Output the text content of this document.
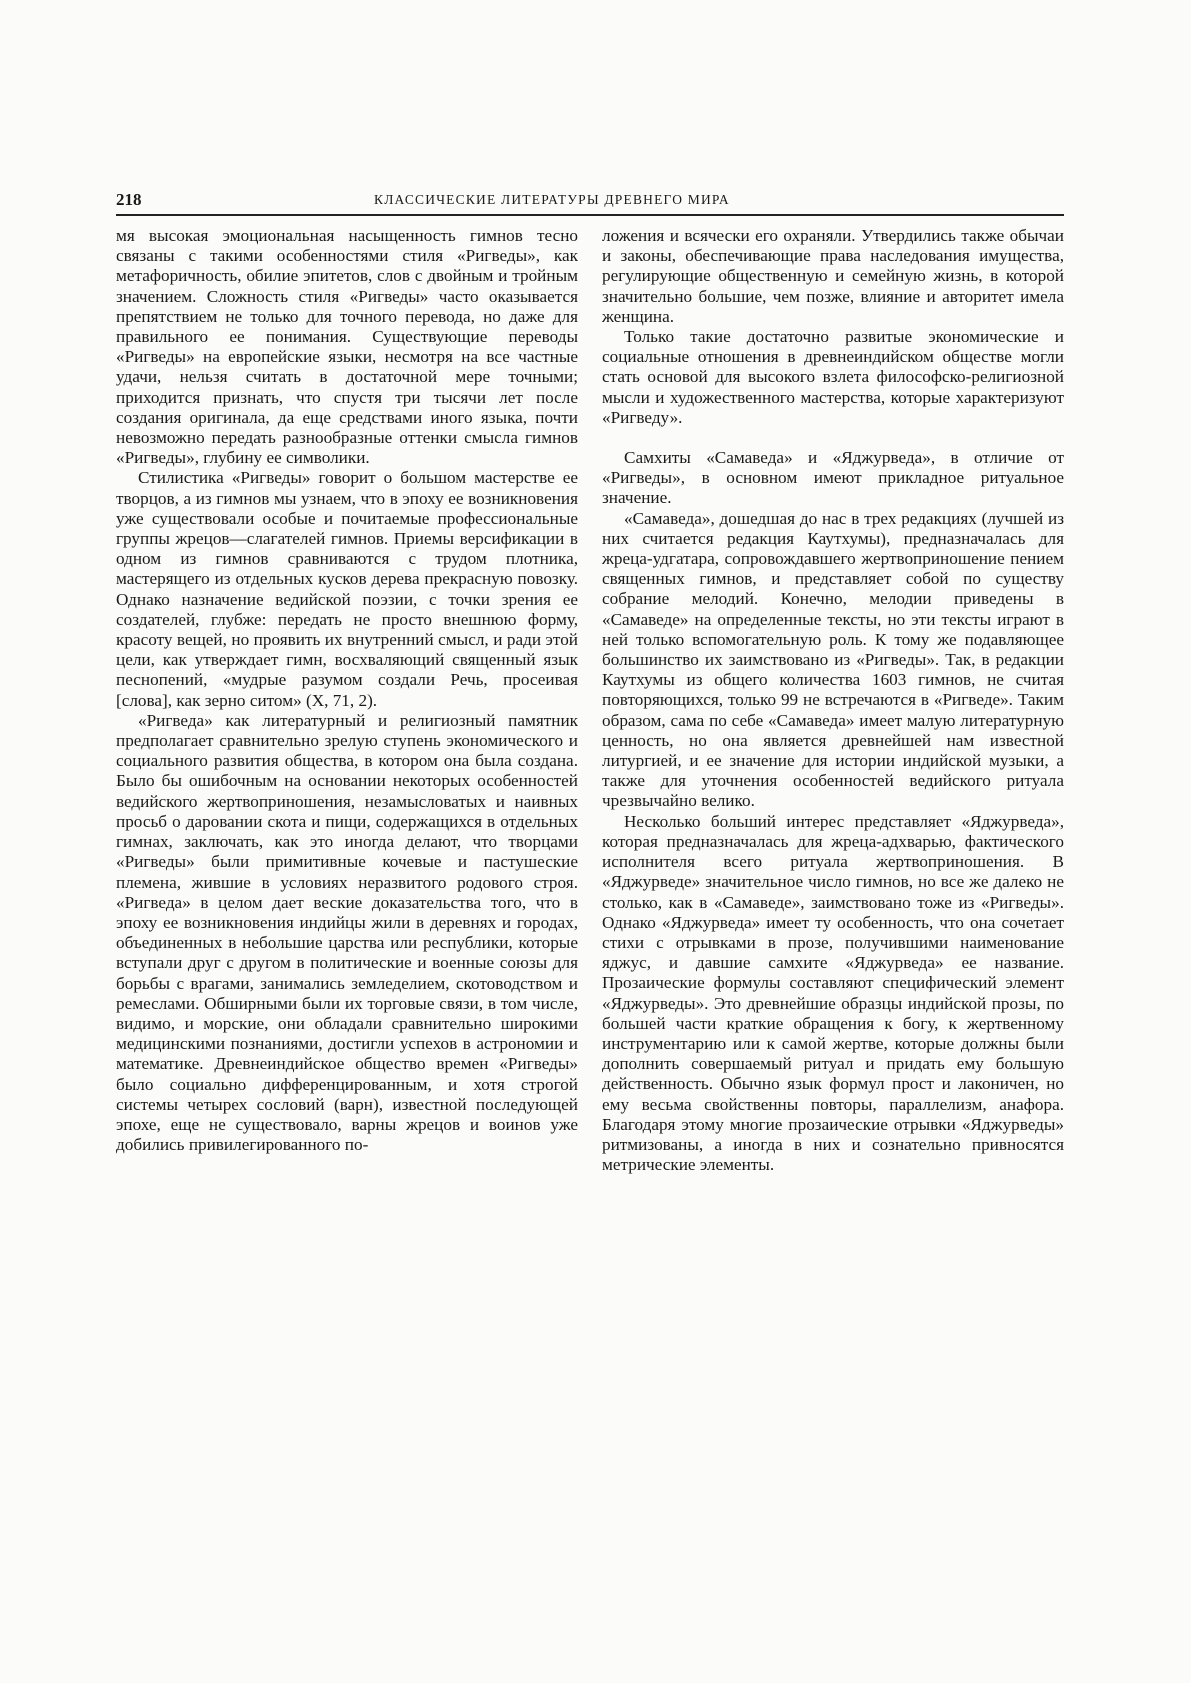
218	КЛАССИЧЕСКИЕ ЛИТЕРАТУРЫ ДРЕВНЕГО МИРА

мя высокая эмоциональная насыщенность гимнов тесно связаны с такими особенностями стиля «Ригведы», как метафоричность, обилие эпитетов, слов с двойным и тройным значением. Сложность стиля «Ригведы» часто оказывается препятствием не только для точного перевода, но даже для правильного ее понимания. Существующие переводы «Ригведы» на европейские языки, несмотря на все частные удачи, нельзя считать в достаточной мере точными; приходится признать, что спустя три тысячи лет после создания оригинала, да еще средствами иного языка, почти невозможно передать разнообразные оттенки смысла гимнов «Ригведы», глубину ее символики.

Стилистика «Ригведы» говорит о большом мастерстве ее творцов, а из гимнов мы узнаем, что в эпоху ее возникновения уже существовали особые и почитаемые профессиональные группы жрецов—слагателей гимнов. Приемы версификации в одном из гимнов сравниваются с трудом плотника, мастерящего из отдельных кусков дерева прекрасную повозку. Однако назначение ведийской поэзии, с точки зрения ее создателей, глубже: передать не просто внешнюю форму, красоту вещей, но проявить их внутренний смысл, и ради этой цели, как утверждает гимн, восхваляющий священный язык песнопений, «мудрые разумом создали Речь, просеивая [слова], как зерно ситом» (X, 71, 2).

«Ригведа» как литературный и религиозный памятник предполагает сравнительно зрелую ступень экономического и социального развития общества, в котором она была создана. Было бы ошибочным на основании некоторых особенностей ведийского жертвоприношения, незамысловатых и наивных просьб о даровании скота и пищи, содержащихся в отдельных гимнах, заключать, как это иногда делают, что творцами «Ригведы» были примитивные кочевые и пастушеские племена, жившие в условиях неразвитого родового строя. «Ригведа» в целом дает веские доказательства того, что в эпоху ее возникновения индийцы жили в деревнях и городах, объединенных в небольшие царства или республики, которые вступали друг с другом в политические и военные союзы для борьбы с врагами, занимались земледелием, скотоводством и ремеслами. Обширными были их торговые связи, в том числе, видимо, и морские, они обладали сравнительно широкими медицинскими познаниями, достигли успехов в астрономии и математике. Древнеиндийское общество времен «Ригведы» было социально дифференцированным, и хотя строгой системы четырех сословий (варн), известной последующей эпохе, еще не существовало, варны жрецов и воинов уже добились привилегированного по-

ложения и всячески его охраняли. Утвердились также обычаи и законы, обеспечивающие права наследования имущества, регулирующие общественную и семейную жизнь, в которой значительно большие, чем позже, влияние и авторитет имела женщина.

Только такие достаточно развитые экономические и социальные отношения в древнеиндийском обществе могли стать основой для высокого взлета философско-религиозной мысли и художественного мастерства, которые характеризуют «Ригведу».

Самхиты «Самаведа» и «Яджурведа», в отличие от «Ригведы», в основном имеют прикладное ритуальное значение.

«Самаведа», дошедшая до нас в трех редакциях (лучшей из них считается редакция Каутхумы), предназначалась для жреца-удгатара, сопровождавшего жертвоприношение пением священных гимнов, и представляет собой по существу собрание мелодий. Конечно, мелодии приведены в «Самаведе» на определенные тексты, но эти тексты играют в ней только вспомогательную роль. К тому же подавляющее большинство их заимствовано из «Ригведы». Так, в редакции Каутхумы из общего количества 1603 гимнов, не считая повторяющихся, только 99 не встречаются в «Ригведе». Таким образом, сама по себе «Самаведа» имеет малую литературную ценность, но она является древнейшей нам известной литургией, и ее значение для истории индийской музыки, а также для уточнения особенностей ведийского ритуала чрезвычайно велико.

Несколько больший интерес представляет «Яджурведа», которая предназначалась для жреца-адхварью, фактического исполнителя всего ритуала жертвоприношения. В «Яджурведе» значительное число гимнов, но все же далеко не столько, как в «Самаведе», заимствовано тоже из «Ригведы». Однако «Яджурведа» имеет ту особенность, что она сочетает стихи с отрывками в прозе, получившими наименование яджус, и давшие самхите «Яджурведа» ее название. Прозаические формулы составляют специфический элемент «Яджурведы». Это древнейшие образцы индийской прозы, по большей части краткие обращения к богу, к жертвенному инструментарию или к самой жертве, которые должны были дополнить совершаемый ритуал и придать ему большую действенность. Обычно язык формул прост и лаконичен, но ему весьма свойственны повторы, параллелизм, анафора. Благодаря этому многие прозаические отрывки «Яджурведы» ритмизованы, а иногда в них и сознательно привносятся метрические элементы.
